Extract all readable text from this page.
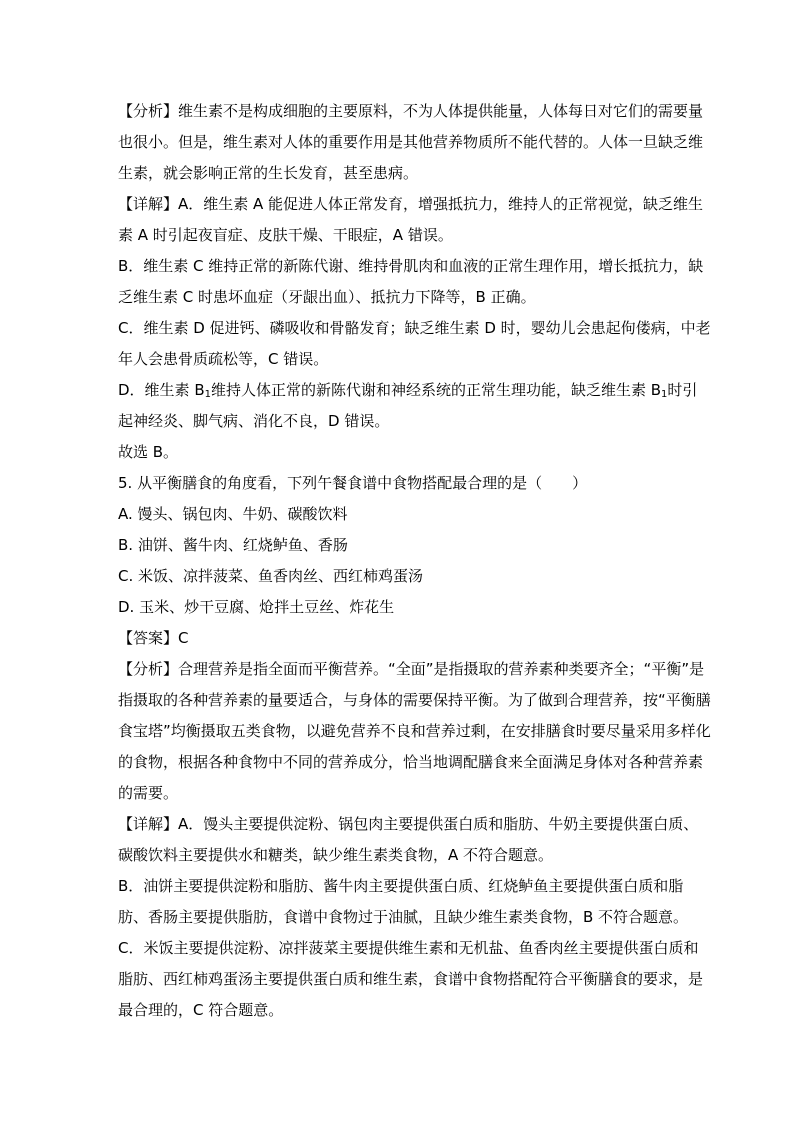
【分析】维生素不是构成细胞的主要原料，不为人体提供能量，人体每日对它们的需要量
也很小。但是，维生素对人体的重要作用是其他营养物质所不能代替的。人体一旦缺乏维
生素，就会影响正常的生长发育，甚至患病。
【详解】A．维生素 A 能促进人体正常发育，增强抵抗力，维持人的正常视觉，缺乏维生
素 A 时引起夜盲症、皮肤干燥、干眼症，A 错误。
B．维生素 C 维持正常的新陈代谢、维持骨肌肉和血液的正常生理作用，增长抵抗力，缺
乏维生素 C 时患坏血症（牙龈出血）、抵抗力下降等，B 正确。
C．维生素 D 促进钙、磷吸收和骨骼发育；缺乏维生素 D 时，婴幼儿会患起佝偻病，中老
年人会患骨质疏松等，C 错误。
D．维生素 $B_1$维持人体正常的新陈代谢和神经系统的正常生理功能，缺乏维生素 $B_1$时引
起神经炎、脚气病、消化不良，D 错误。
故选 B。
5. 从平衡膳食的角度看，下列午餐食谱中食物搭配最合理的是（　　）
A. 馒头、锅包肉、牛奶、碳酸饮料
B. 油饼、酱牛肉、红烧鲈鱼、香肠
C. 米饭、凉拌菠菜、鱼香肉丝、西红柿鸡蛋汤
D. 玉米、炒干豆腐、炝拌土豆丝、炸花生
【答案】C
【分析】合理营养是指全面而平衡营养。“全面”是指摄取的营养素种类要齐全；“平衡”是
指摄取的各种营养素的量要适合，与身体的需要保持平衡。为了做到合理营养，按“平衡膳
食宝塔”均衡摄取五类食物，以避免营养不良和营养过剩，在安排膳食时要尽量采用多样化
的食物，根据各种食物中不同的营养成分，恰当地调配膳食来全面满足身体对各种营养素
的需要。
【详解】A．馒头主要提供淀粉、锅包肉主要提供蛋白质和脂肪、牛奶主要提供蛋白质、
碳酸饮料主要提供水和糖类，缺少维生素类食物，A 不符合题意。
B．油饼主要提供淀粉和脂肪、酱牛肉主要提供蛋白质、红烧鲈鱼主要提供蛋白质和脂
肪、香肠主要提供脂肪，食谱中食物过于油腻，且缺少维生素类食物，B 不符合题意。
C．米饭主要提供淀粉、凉拌菠菜主要提供维生素和无机盐、鱼香肉丝主要提供蛋白质和
脂肪、西红柿鸡蛋汤主要提供蛋白质和维生素，食谱中食物搭配符合平衡膳食的要求，是
最合理的，C 符合题意。
